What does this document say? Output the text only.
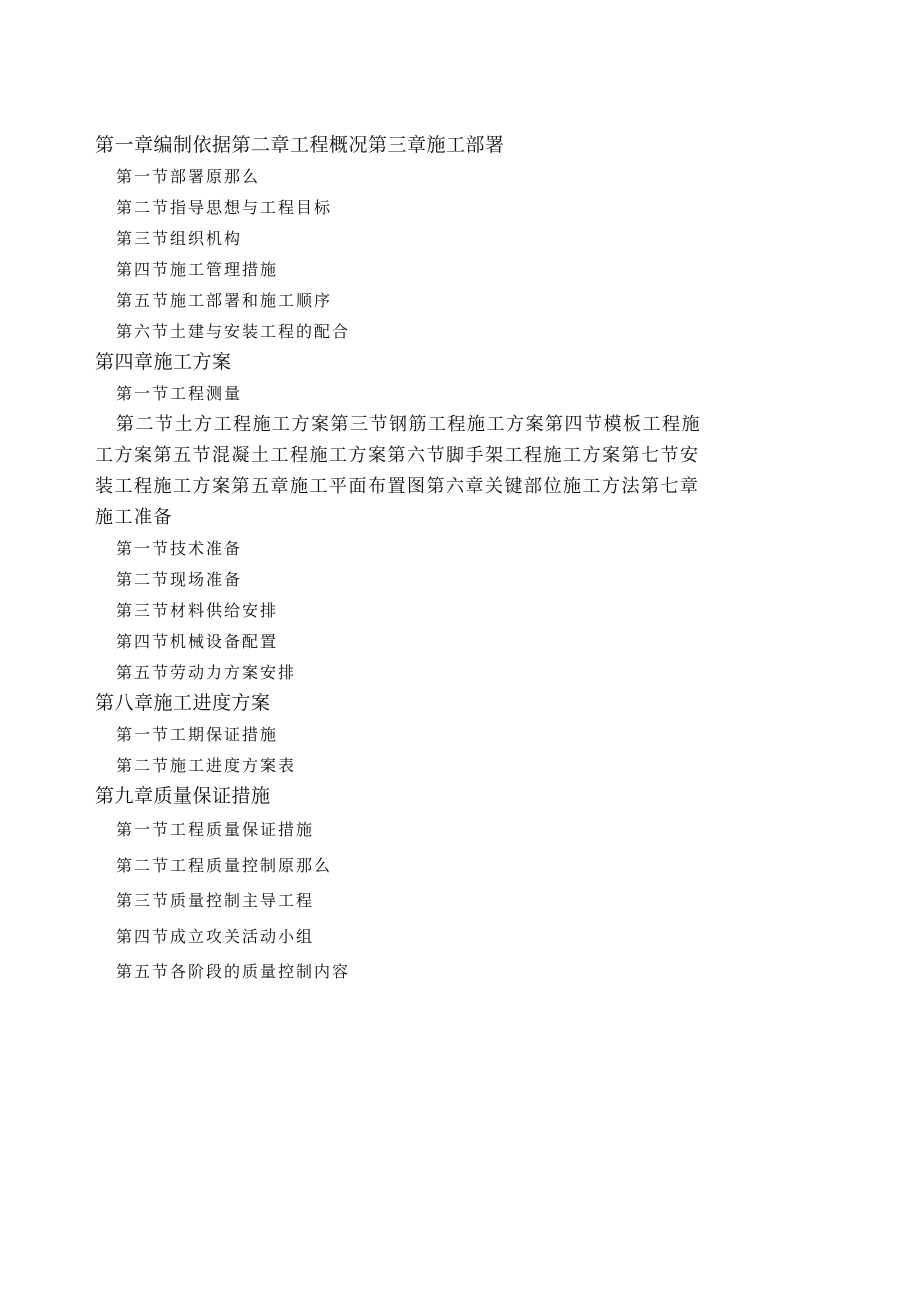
第一章编制依据第二章工程概况第三章施工部署
第一节部署原那么
第二节指导思想与工程目标
第三节组织机构
第四节施工管理措施
第五节施工部署和施工顺序
第六节土建与安装工程的配合
第四章施工方案
第一节工程测量
第二节土方工程施工方案第三节钢筋工程施工方案第四节模板工程施工方案第五节混凝土工程施工方案第六节脚手架工程施工方案第七节安装工程施工方案第五章施工平面布置图第六章关键部位施工方法第七章施工准备
第一节技术准备
第二节现场准备
第三节材料供给安排
第四节机械设备配置
第五节劳动力方案安排
第八章施工进度方案
第一节工期保证措施
第二节施工进度方案表
第九章质量保证措施
第一节工程质量保证措施
第二节工程质量控制原那么
第三节质量控制主导工程
第四节成立攻关活动小组
第五节各阶段的质量控制内容
